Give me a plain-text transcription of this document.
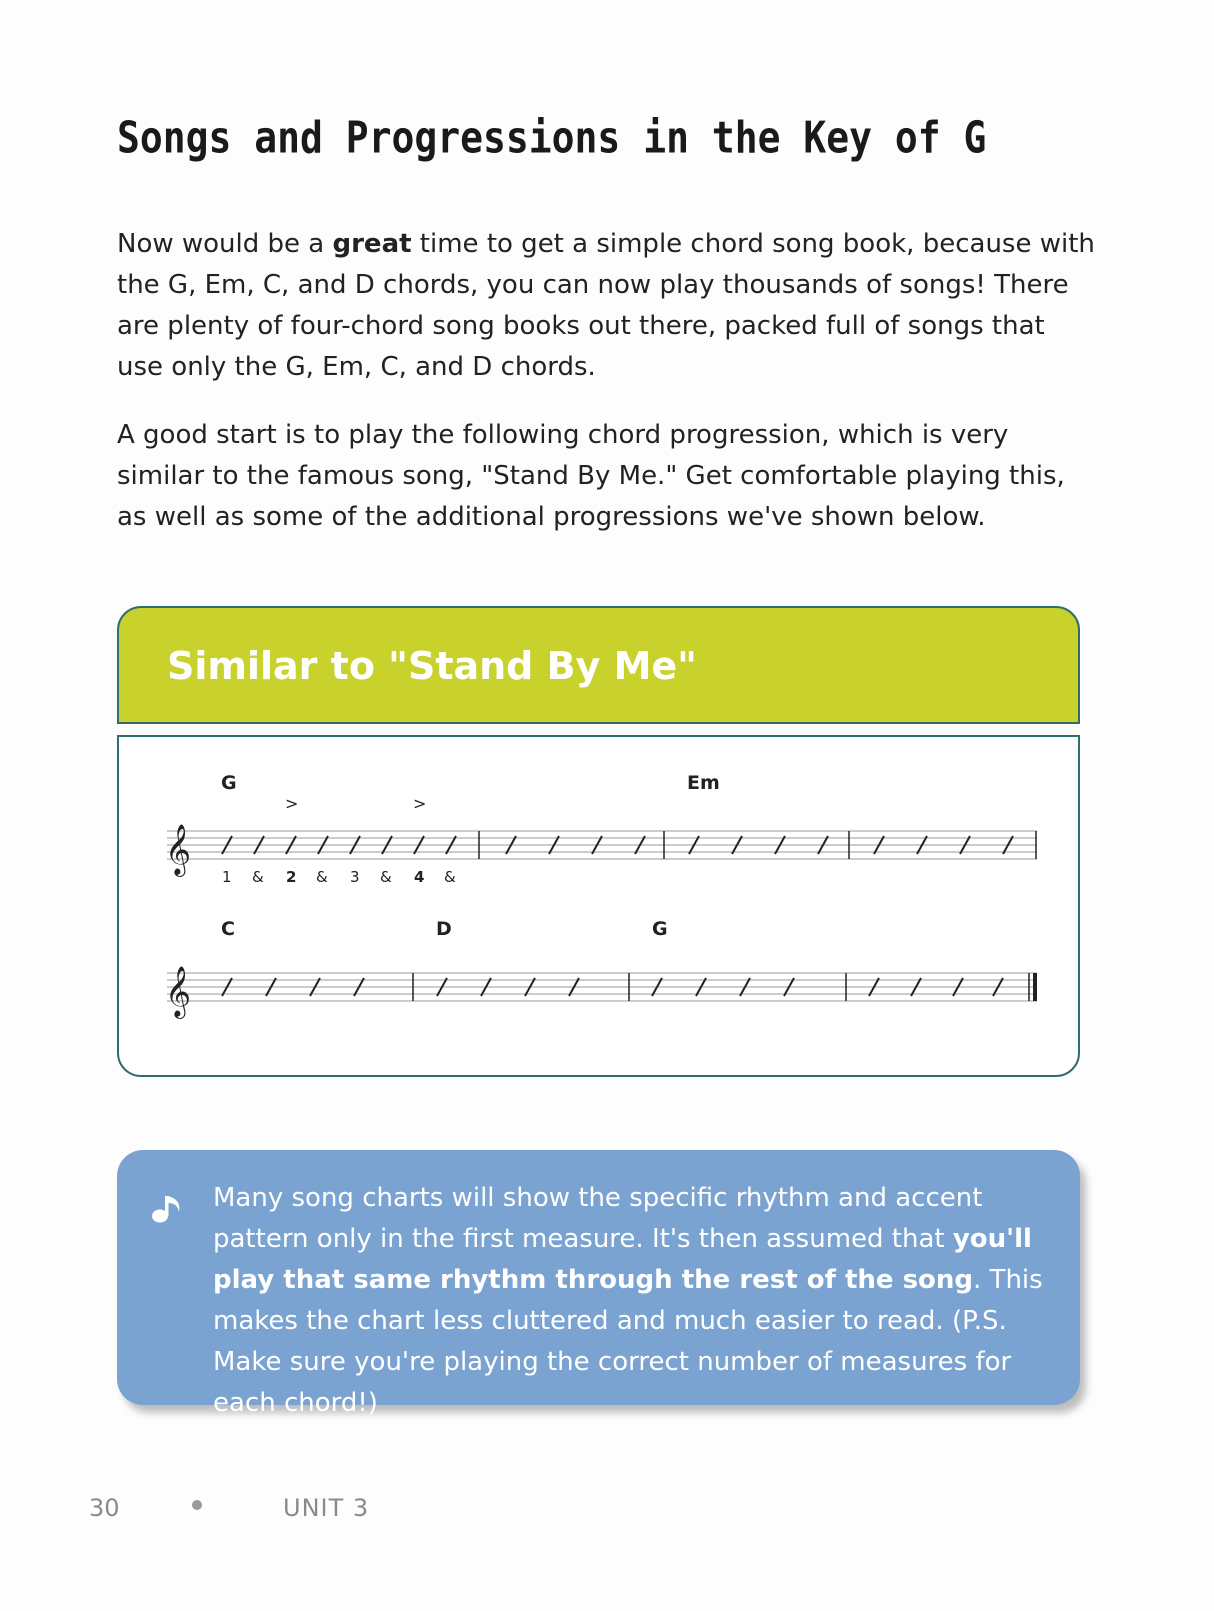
Songs and Progressions in the Key of G

Now would be a great time to get a simple chord song book, because with the G, Em, C, and D chords, you can now play thousands of songs! There are plenty of four-chord song books out there, packed full of songs that use only the G, Em, C, and D chords.

A good start is to play the following chord progression, which is very similar to the famous song, "Stand By Me." Get comfortable playing this, as well as some of the additional progressions we've shown below.

Similar to "Stand By Me"
𝄞
G	Em
>	>
1 & 2 & 3 & 4 &
𝄞
C	D	G

Many song charts will show the specific rhythm and accent pattern only in the first measure. It's then assumed that you'll play that same rhythm through the rest of the song. This makes the chart less cluttered and much easier to read. (P.S. Make sure you're playing the correct number of measures for each chord!)

30	UNIT 3
